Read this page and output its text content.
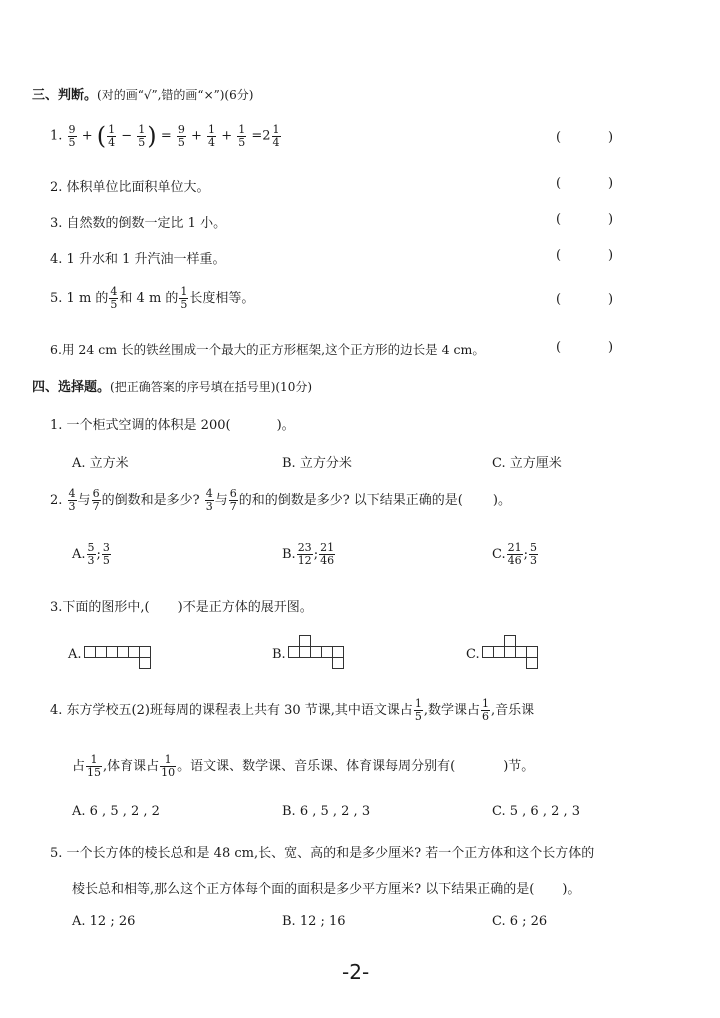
三、判断。(对的画“√”,错的画“×”)(6分)
1. $\frac{9}{5}$ + ( $\frac{1}{4} - \frac{1}{5}$ ) = $\frac{9}{5} + \frac{1}{4} + \frac{1}{5} =2 \frac{1}{4}$	(	)
2. 体积单位比面积单位大。	(	)
3. 自然数的倒数一定比 1 小。	(	)
4. 1 升水和 1 升汽油一样重。	(	)
5. 1 m 的 $\frac{4}{5}$ 和 4 m 的 $\frac{1}{5}$ 长度相等。	(	)
6.用 24 cm 长的铁丝围成一个最大的正方形框架,这个正方形的边长是 4 cm。	(	)
四、选择题。(把正确答案的序号填在括号里)(10分)
1. 一个柜式空调的体积是 200(	)。
A. 立方米	B. 立方分米	C. 立方厘米
2. $\frac{4}{3}$ 与 $\frac{6}{7}$ 的倒数和是多少? $\frac{4}{3}$ 与 $\frac{6}{7}$ 的和的倒数是多少? 以下结果正确的是( )。
A. $\frac{5}{3}$ ; $\frac{3}{5}$	B. $\frac{23}{12}$ ; $\frac{21}{46}$	C. $\frac{21}{46}$ ; $\frac{5}{3}$
3.下面的图形中,( )不是正方体的展开图。
A.	B.	C.
4. 东方学校五(2)班每周的课程表上共有 30 节课,其中语文课占 $\frac{1}{5}$ ,数学课占 $\frac{1}{6}$ ,音乐课
占 $\frac{1}{15}$ ,体育课占 $\frac{1}{10}$ 。语文课、数学课、音乐课、体育课每周分别有(	)节。
A. 6 , 5 , 2 , 2	B. 6 , 5 , 2 , 3	C. 5 , 6 , 2 , 3
5. 一个长方体的棱长总和是 48 cm,长、宽、高的和是多少厘米? 若一个正方体和这个长方体的
棱长总和相等,那么这个正方体每个面的面积是多少平方厘米? 以下结果正确的是( )。
A. 12 ; 26	B. 12 ; 16	C. 6 ; 26
-2-
